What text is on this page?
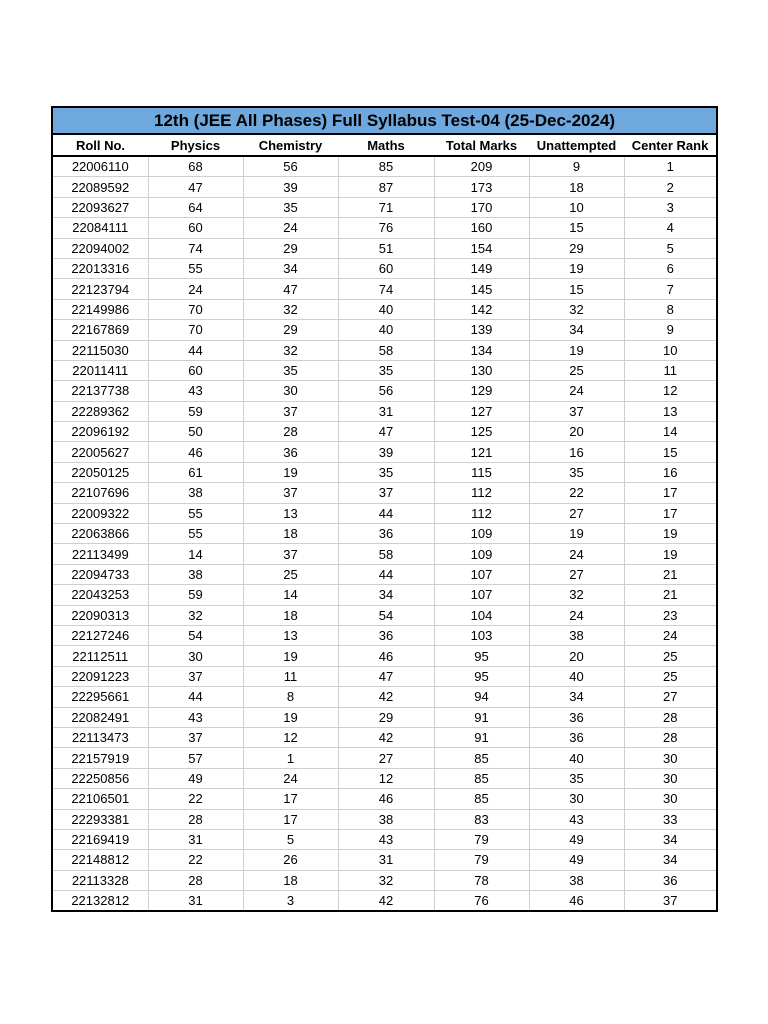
12th (JEE All Phases) Full Syllabus Test-04 (25-Dec-2024)						
Roll No.	Physics	Chemistry	Maths	Total Marks	Unattempted	Center Rank
22006110	68	56	85	209	9	1
22089592	47	39	87	173	18	2
22093627	64	35	71	170	10	3
22084111	60	24	76	160	15	4
22094002	74	29	51	154	29	5
22013316	55	34	60	149	19	6
22123794	24	47	74	145	15	7
22149986	70	32	40	142	32	8
22167869	70	29	40	139	34	9
22115030	44	32	58	134	19	10
22011411	60	35	35	130	25	11
22137738	43	30	56	129	24	12
22289362	59	37	31	127	37	13
22096192	50	28	47	125	20	14
22005627	46	36	39	121	16	15
22050125	61	19	35	115	35	16
22107696	38	37	37	112	22	17
22009322	55	13	44	112	27	17
22063866	55	18	36	109	19	19
22113499	14	37	58	109	24	19
22094733	38	25	44	107	27	21
22043253	59	14	34	107	32	21
22090313	32	18	54	104	24	23
22127246	54	13	36	103	38	24
22112511	30	19	46	95	20	25
22091223	37	11	47	95	40	25
22295661	44	8	42	94	34	27
22082491	43	19	29	91	36	28
22113473	37	12	42	91	36	28
22157919	57	1	27	85	40	30
22250856	49	24	12	85	35	30
22106501	22	17	46	85	30	30
22293381	28	17	38	83	43	33
22169419	31	5	43	79	49	34
22148812	22	26	31	79	49	34
22113328	28	18	32	78	38	36
22132812	31	3	42	76	46	37
